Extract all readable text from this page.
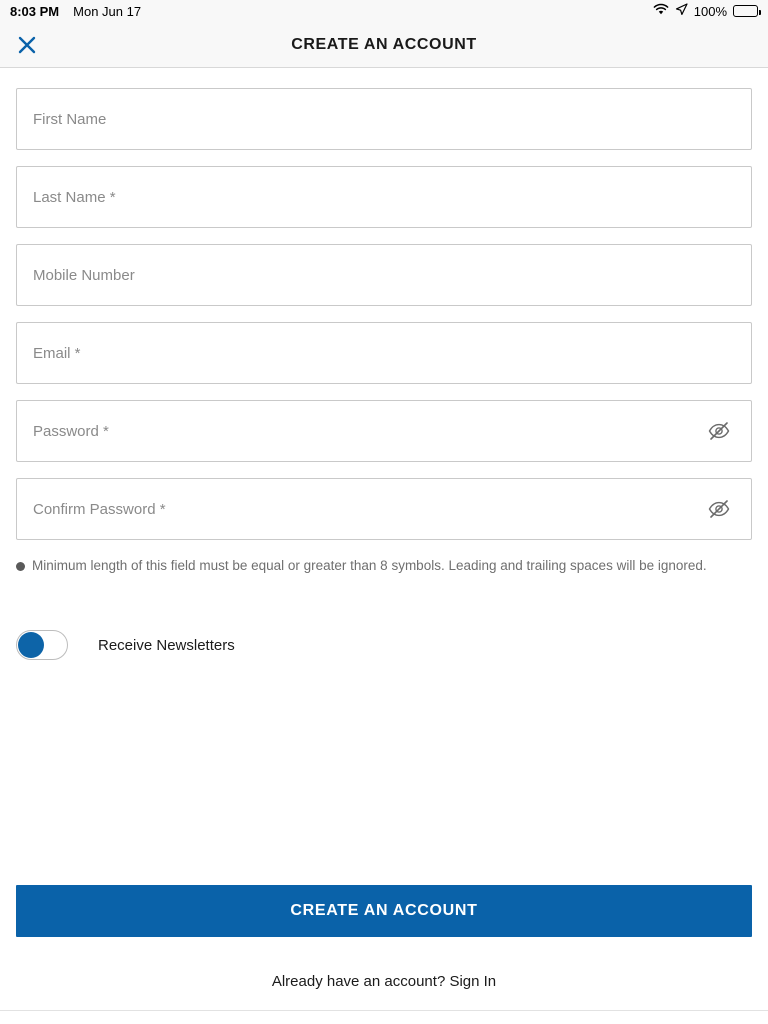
8:03 PM Mon Jun 17	100%
CREATE AN ACCOUNT
First Name
Last Name *
Mobile Number
Email *
Minimum length of this field must be equal or greater than 8 symbols. Leading and trailing spaces will be ignored.
Receive Newsletters
CREATE AN ACCOUNT
Already have an account? Sign In
